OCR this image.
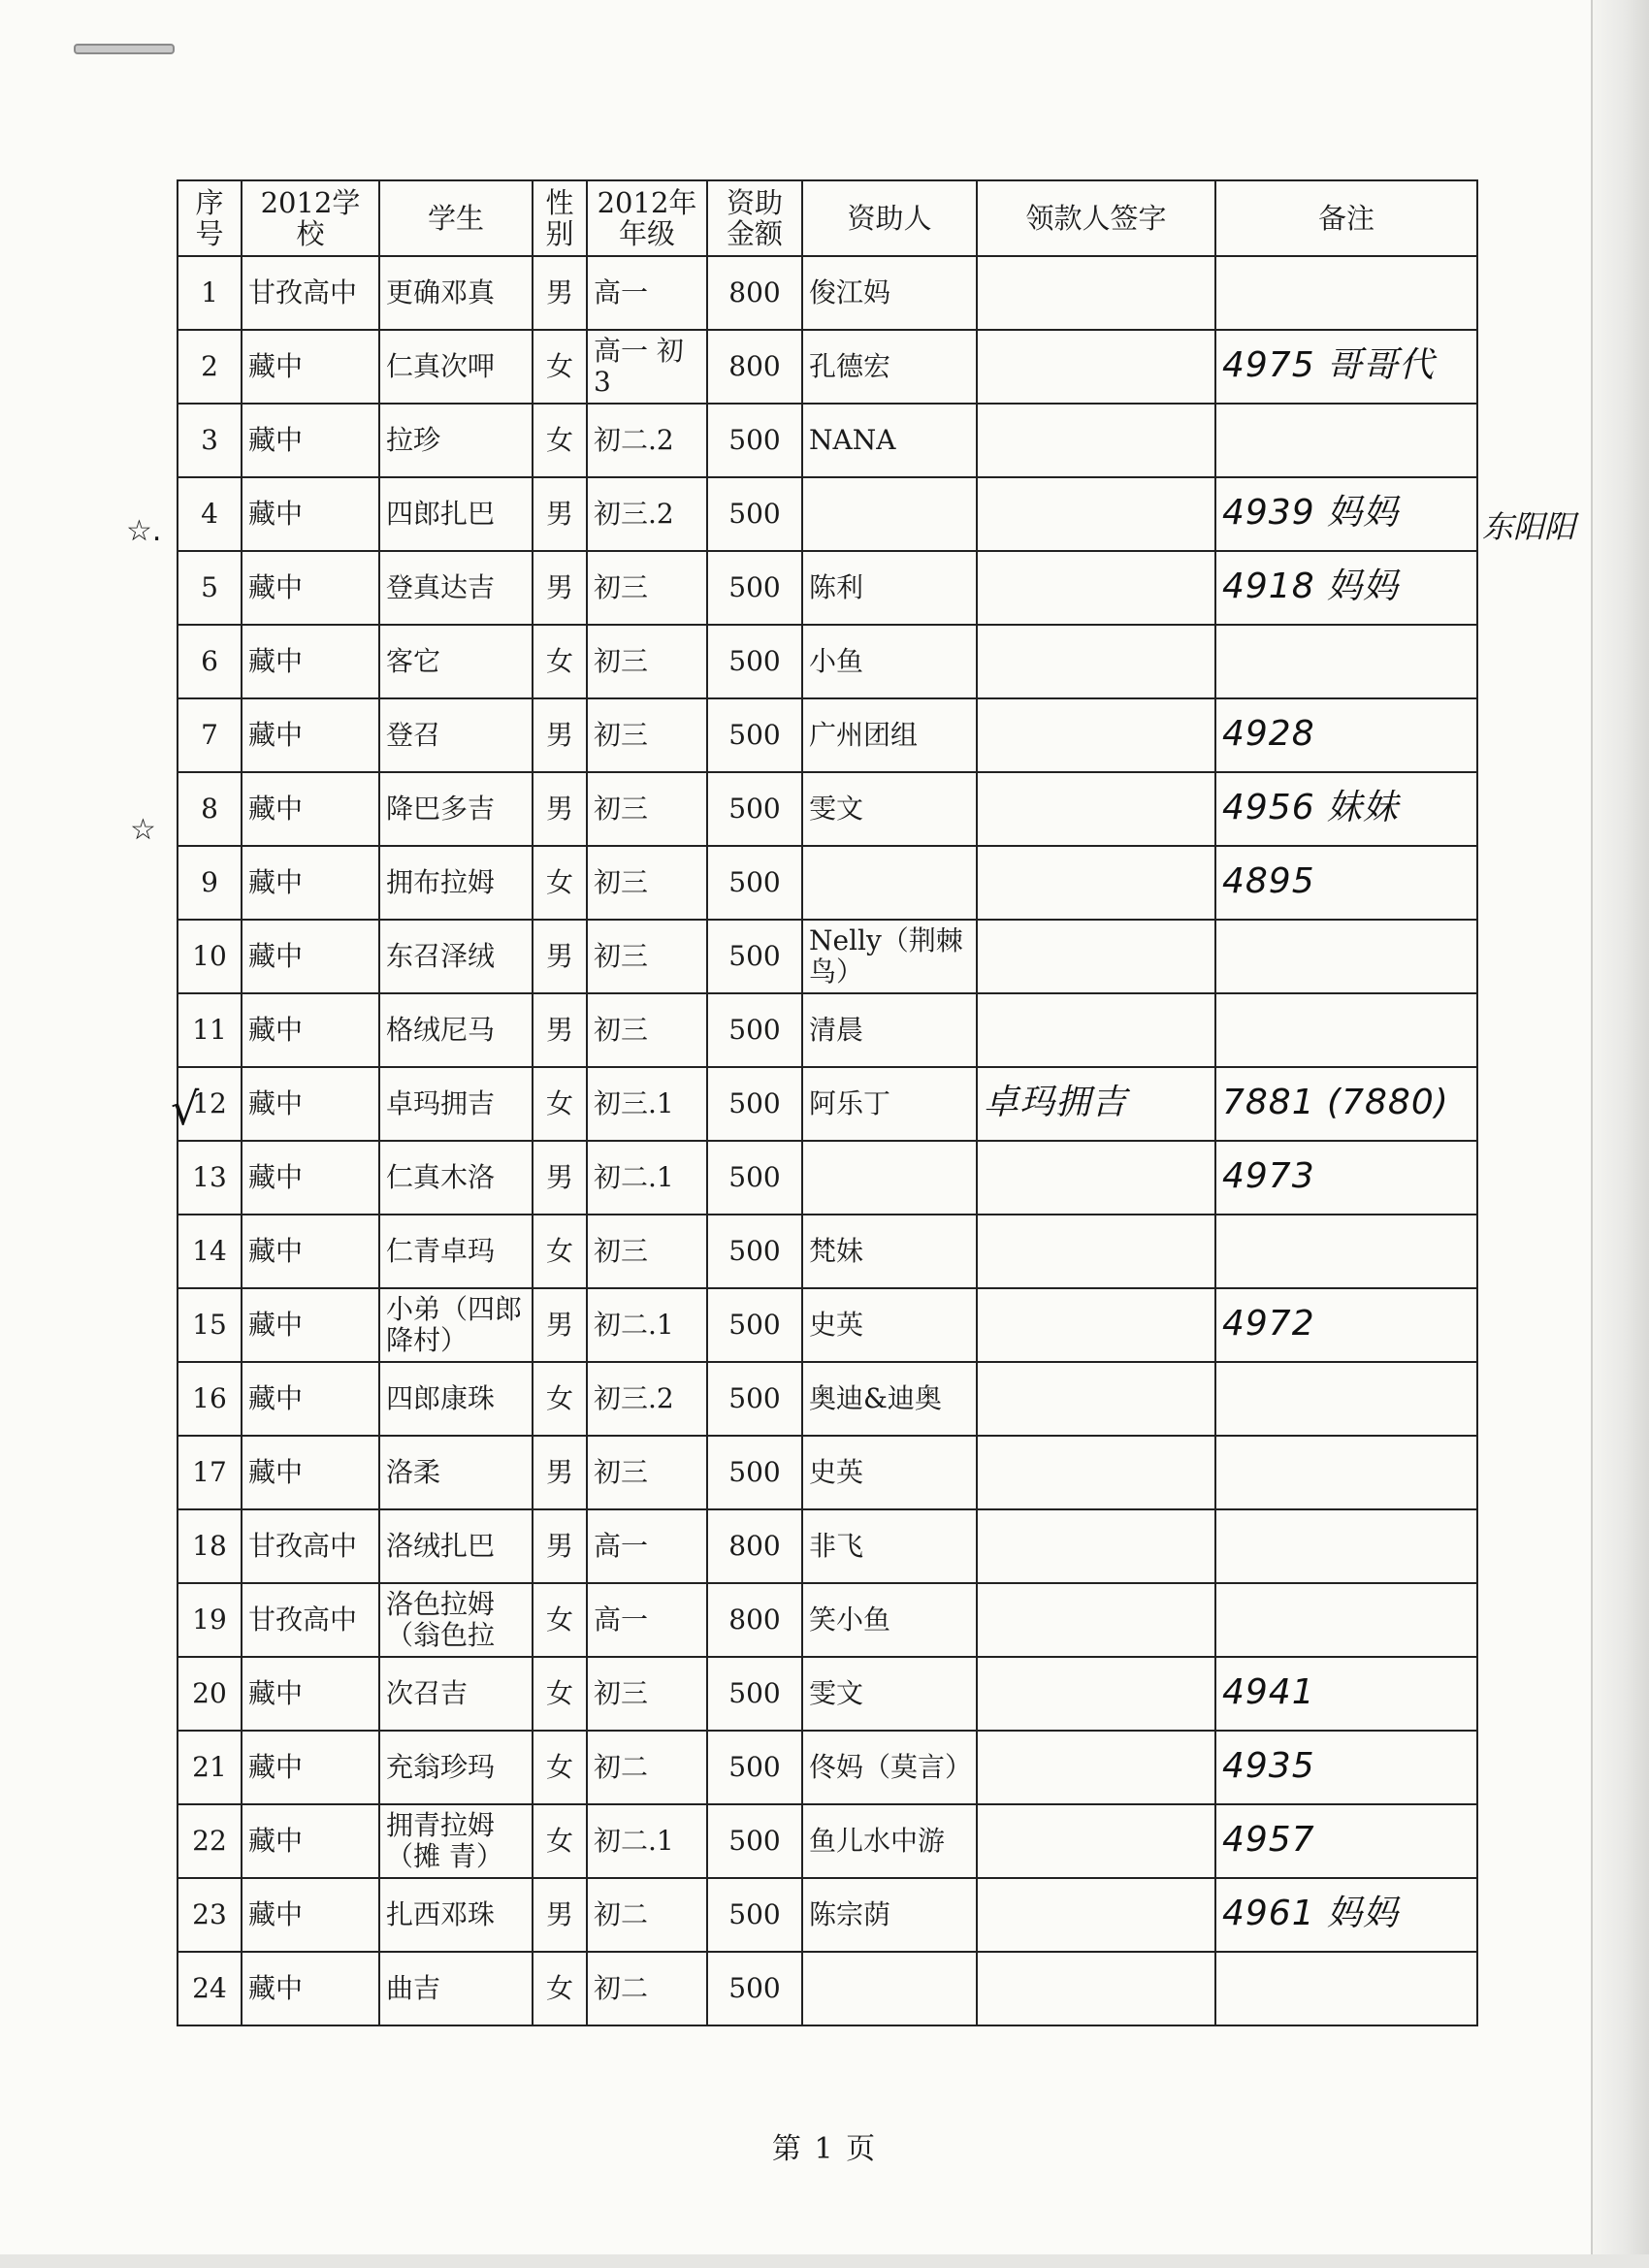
序号	2012学校	学生	性别	2012年年级	资助金额	资助人	领款人签字	备注
1	甘孜高中	更确邓真	男	高一	800	俊江妈		
2	藏中	仁真次呷	女	高一 初3	800	孔德宏		4975 哥哥代
3	藏中	拉珍	女	初二.2	500	NANA		
4	藏中	四郎扎巴	男	初三.2	500			4939 妈妈
5	藏中	登真达吉	男	初三	500	陈利		4918 妈妈
6	藏中	客它	女	初三	500	小鱼		
7	藏中	登召	男	初三	500	广州团组		4928
8	藏中	降巴多吉	男	初三	500	雯文		4956 妹妹
9	藏中	拥布拉姆	女	初三	500			4895
10	藏中	东召泽绒	男	初三	500	Nelly（荆棘鸟）		
11	藏中	格绒尼马	男	初三	500	清晨		
12	藏中	卓玛拥吉	女	初三.1	500	阿乐丁	卓玛拥吉	7881 (7880)
13	藏中	仁真木洛	男	初二.1	500			4973
14	藏中	仁青卓玛	女	初三	500	梵妹		
15	藏中	小弟（四郎降村）	男	初二.1	500	史英		4972
16	藏中	四郎康珠	女	初三.2	500	奥迪&迪奥		
17	藏中	洛柔	男	初三	500	史英		
18	甘孜高中	洛绒扎巴	男	高一	800	非飞		
19	甘孜高中	洛色拉姆（翁色拉	女	高一	800	笑小鱼		
20	藏中	次召吉	女	初三	500	雯文		4941
21	藏中	充翁珍玛	女	初二	500	佟妈（莫言）		4935
22	藏中	拥青拉姆（摊 青）	女	初二.1	500	鱼儿水中游		4957
23	藏中	扎西邓珠	男	初二	500	陈宗荫		4961 妈妈
24	藏中	曲吉	女	初二	500			
☆.
☆
√
东阳阳
第 1 页
